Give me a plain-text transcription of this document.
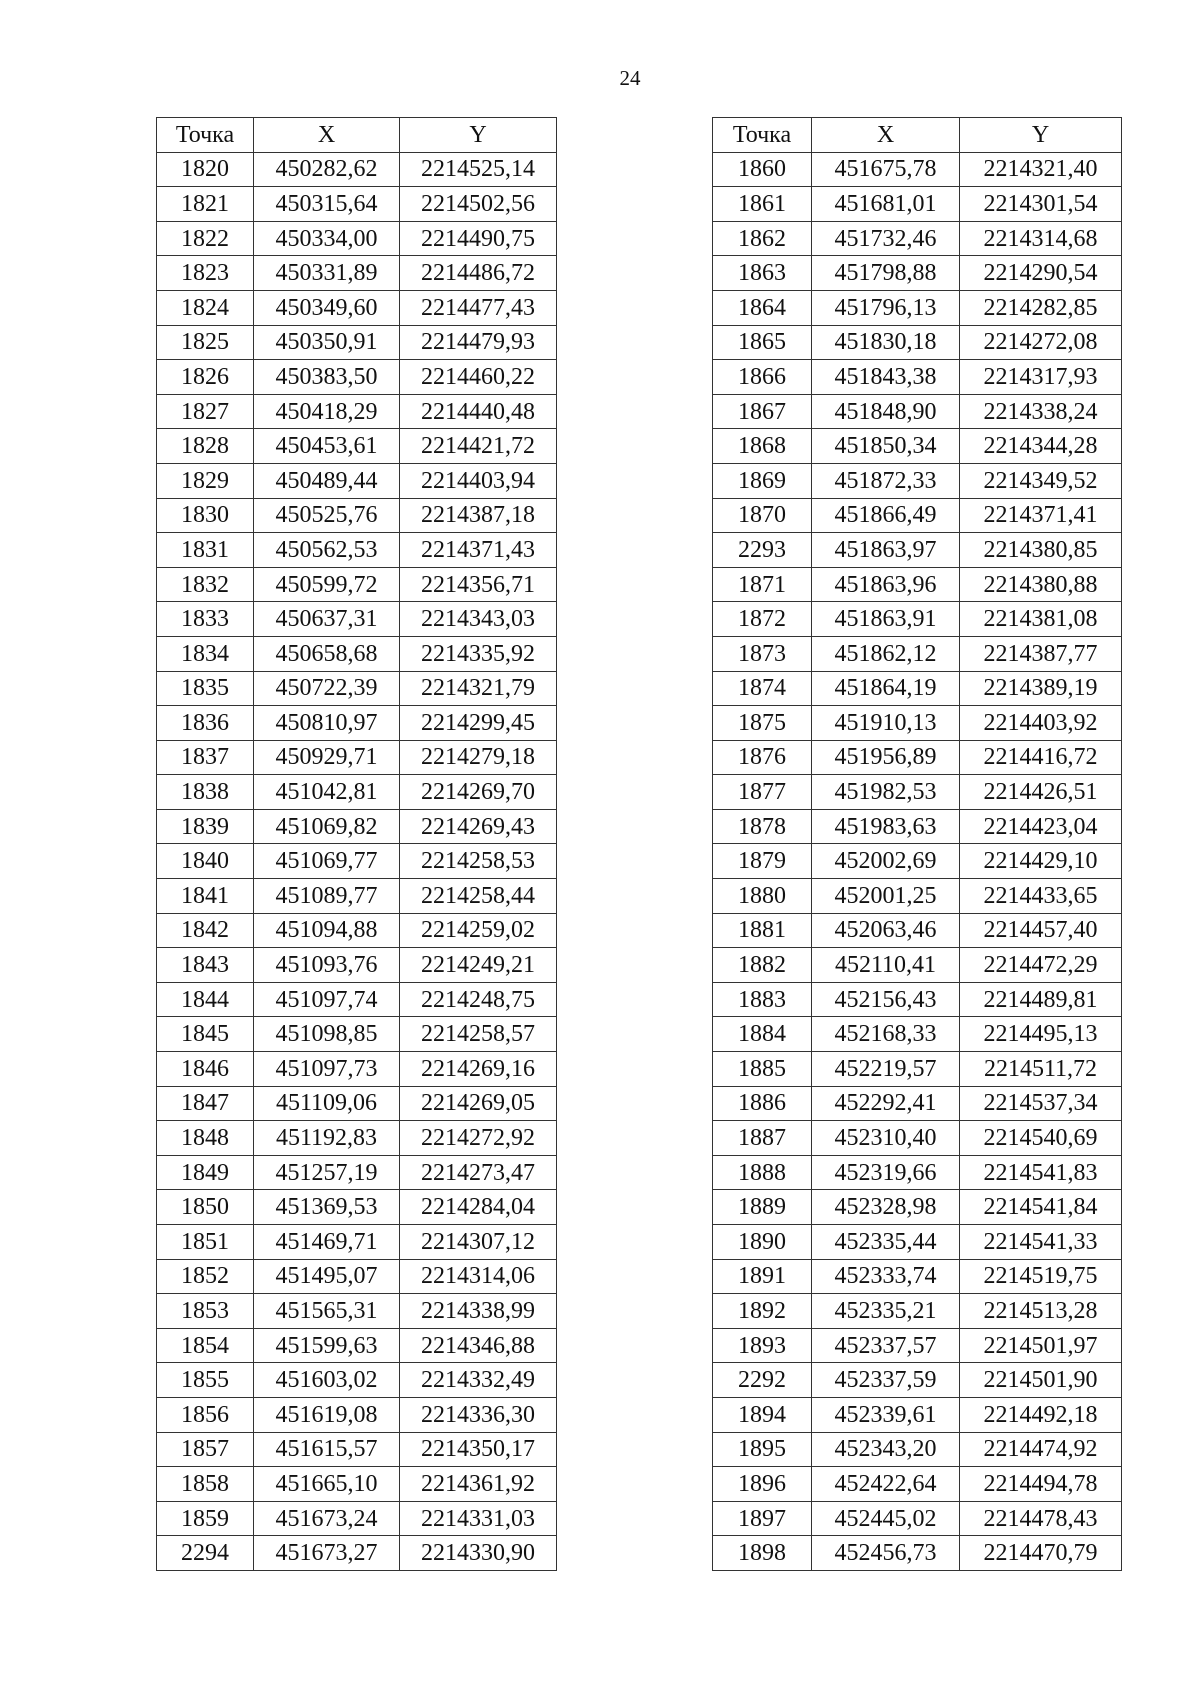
24
Точка	X	Y
1820	450282,62	2214525,14
1821	450315,64	2214502,56
1822	450334,00	2214490,75
1823	450331,89	2214486,72
1824	450349,60	2214477,43
1825	450350,91	2214479,93
1826	450383,50	2214460,22
1827	450418,29	2214440,48
1828	450453,61	2214421,72
1829	450489,44	2214403,94
1830	450525,76	2214387,18
1831	450562,53	2214371,43
1832	450599,72	2214356,71
1833	450637,31	2214343,03
1834	450658,68	2214335,92
1835	450722,39	2214321,79
1836	450810,97	2214299,45
1837	450929,71	2214279,18
1838	451042,81	2214269,70
1839	451069,82	2214269,43
1840	451069,77	2214258,53
1841	451089,77	2214258,44
1842	451094,88	2214259,02
1843	451093,76	2214249,21
1844	451097,74	2214248,75
1845	451098,85	2214258,57
1846	451097,73	2214269,16
1847	451109,06	2214269,05
1848	451192,83	2214272,92
1849	451257,19	2214273,47
1850	451369,53	2214284,04
1851	451469,71	2214307,12
1852	451495,07	2214314,06
1853	451565,31	2214338,99
1854	451599,63	2214346,88
1855	451603,02	2214332,49
1856	451619,08	2214336,30
1857	451615,57	2214350,17
1858	451665,10	2214361,92
1859	451673,24	2214331,03
2294	451673,27	2214330,90
Точка	X	Y
1860	451675,78	2214321,40
1861	451681,01	2214301,54
1862	451732,46	2214314,68
1863	451798,88	2214290,54
1864	451796,13	2214282,85
1865	451830,18	2214272,08
1866	451843,38	2214317,93
1867	451848,90	2214338,24
1868	451850,34	2214344,28
1869	451872,33	2214349,52
1870	451866,49	2214371,41
2293	451863,97	2214380,85
1871	451863,96	2214380,88
1872	451863,91	2214381,08
1873	451862,12	2214387,77
1874	451864,19	2214389,19
1875	451910,13	2214403,92
1876	451956,89	2214416,72
1877	451982,53	2214426,51
1878	451983,63	2214423,04
1879	452002,69	2214429,10
1880	452001,25	2214433,65
1881	452063,46	2214457,40
1882	452110,41	2214472,29
1883	452156,43	2214489,81
1884	452168,33	2214495,13
1885	452219,57	2214511,72
1886	452292,41	2214537,34
1887	452310,40	2214540,69
1888	452319,66	2214541,83
1889	452328,98	2214541,84
1890	452335,44	2214541,33
1891	452333,74	2214519,75
1892	452335,21	2214513,28
1893	452337,57	2214501,97
2292	452337,59	2214501,90
1894	452339,61	2214492,18
1895	452343,20	2214474,92
1896	452422,64	2214494,78
1897	452445,02	2214478,43
1898	452456,73	2214470,79
